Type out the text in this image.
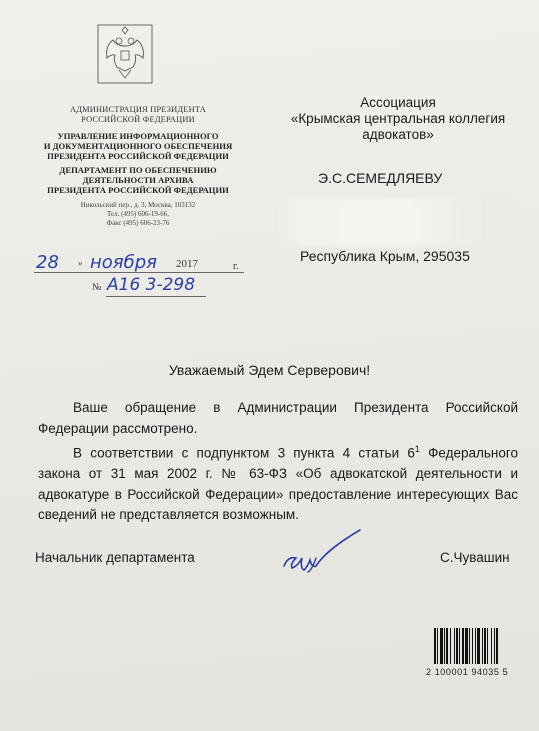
АДМИНИСТРАЦИЯ ПРЕЗИДЕНТА
РОССИЙСКОЙ ФЕДЕРАЦИИ
УПРАВЛЕНИЕ ИНФОРМАЦИОННОГО
И ДОКУМЕНТАЦИОННОГО ОБЕСПЕЧЕНИЯ
ПРЕЗИДЕНТА РОССИЙСКОЙ ФЕДЕРАЦИИ
ДЕПАРТАМЕНТ ПО ОБЕСПЕЧЕНИЮ
ДЕЯТЕЛЬНОСТИ АРХИВА
ПРЕЗИДЕНТА РОССИЙСКОЙ ФЕДЕРАЦИИ
Никольский пер., д. 3, Москва, 103132
Тел. (495) 606-19-66,
Факс (495) 606-23-76
28 » ноября 2017	г.
№ А16 3-298
Ассоциация
«Крымская центральная коллегия
адвокатов»
Э.С.СЕМЕДЛЯЕВУ
Республика Крым, 295035
Уважаемый Эдем Серверович!

Ваше обращение в Администрации Президента Российской Федерации рассмотрено.

В соответствии с подпунктом 3 пункта 4 статьи $6^1$ Федерального закона от 31 мая 2002 г. № 63-ФЗ «Об адвокатской деятельности и адвокатуре в Российской Федерации» предоставление интересующих Вас сведений не представляется возможным.

Начальник департамента	С.Чувашин
2 100001 94035 5
